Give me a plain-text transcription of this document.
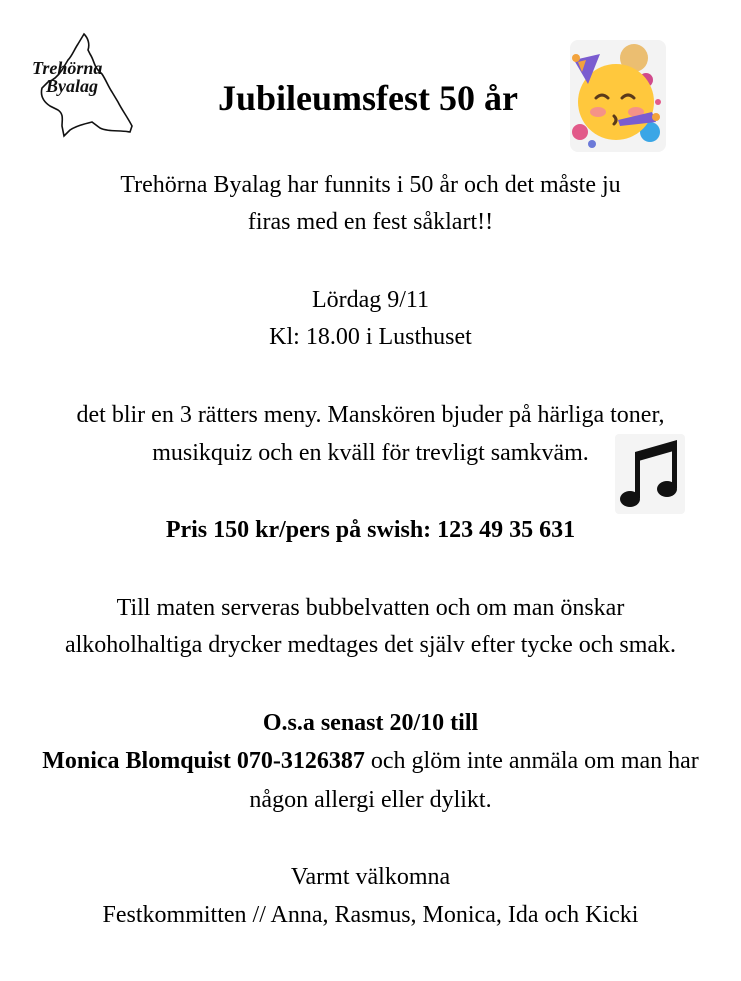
Trehörna
Byalag	Jubileumsfest 50 år
Trehörna Byalag har funnits i 50 år och det måste ju
firas med en fest såklart!!
Lördag 9/11
Kl: 18.00 i Lusthuset
det blir en 3 rätters meny. Manskören bjuder på härliga toner,
musikquiz och en kväll för trevligt samkväm.
Pris 150 kr/pers på swish: 123 49 35 631
Till maten serveras bubbelvatten och om man önskar
alkoholhaltiga drycker medtages det själv efter tycke och smak.
O.s.a senast 20/10 till
Monica Blomquist 070-3126387 och glöm inte anmäla om man har
någon allergi eller dylikt.
Varmt välkomna
Festkommitten // Anna, Rasmus, Monica, Ida och Kicki
